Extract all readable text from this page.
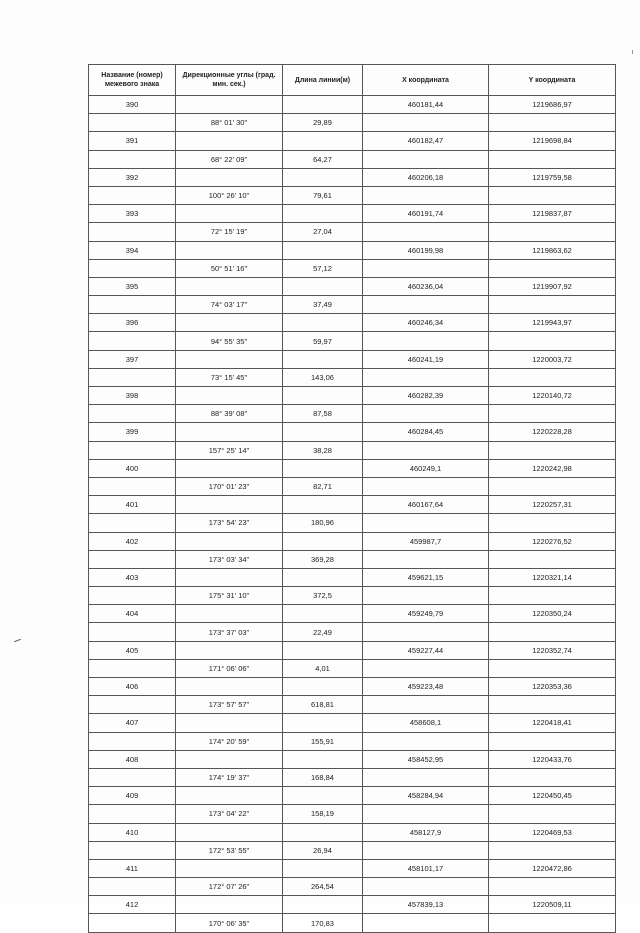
Название (номер) межевого знака	Дирекционные углы (град. мин. сек.)	Длина линии(м)	X координата	Y координата
390			460181,44	1219686,97
	88° 01' 30"	29,89		
391			460182,47	1219698,84
	68° 22' 09"	64,27		
392			460206,18	1219759,58
	100° 26' 10"	79,61		
393			460191,74	1219837,87
	72° 15' 19"	27,04		
394			460199,98	1219863,62
	50° 51' 16"	57,12		
395			460236,04	1219907,92
	74° 03' 17"	37,49		
396			460246,34	1219943,97
	94° 55' 35"	59,97		
397			460241,19	1220003,72
	73° 15' 45"	143,06		
398			460282,39	1220140,72
	88° 39' 08"	87,58		
399			460284,45	1220228,28
	157° 25' 14"	38,28		
400			460249,1	1220242,98
	170° 01' 23"	82,71		
401			460167,64	1220257,31
	173° 54' 23"	180,96		
402			459987,7	1220276,52
	173° 03' 34"	369,28		
403			459621,15	1220321,14
	175° 31' 10"	372,5		
404			459249,79	1220350,24
	173° 37' 03"	22,49		
405			459227,44	1220352,74
	171° 06' 06"	4,01		
406			459223,48	1220353,36
	173° 57' 57"	618,81		
407			458608,1	1220418,41
	174° 20' 59"	155,91		
408			458452,95	1220433,76
	174° 19' 37"	168,84		
409			458284,94	1220450,45
	173° 04' 22"	158,19		
410			458127,9	1220469,53
	172° 53' 55"	26,94		
411			458101,17	1220472,86
	172° 07' 26"	264,54		
412			457839,13	1220509,11
	170° 06' 35"	170,83		
